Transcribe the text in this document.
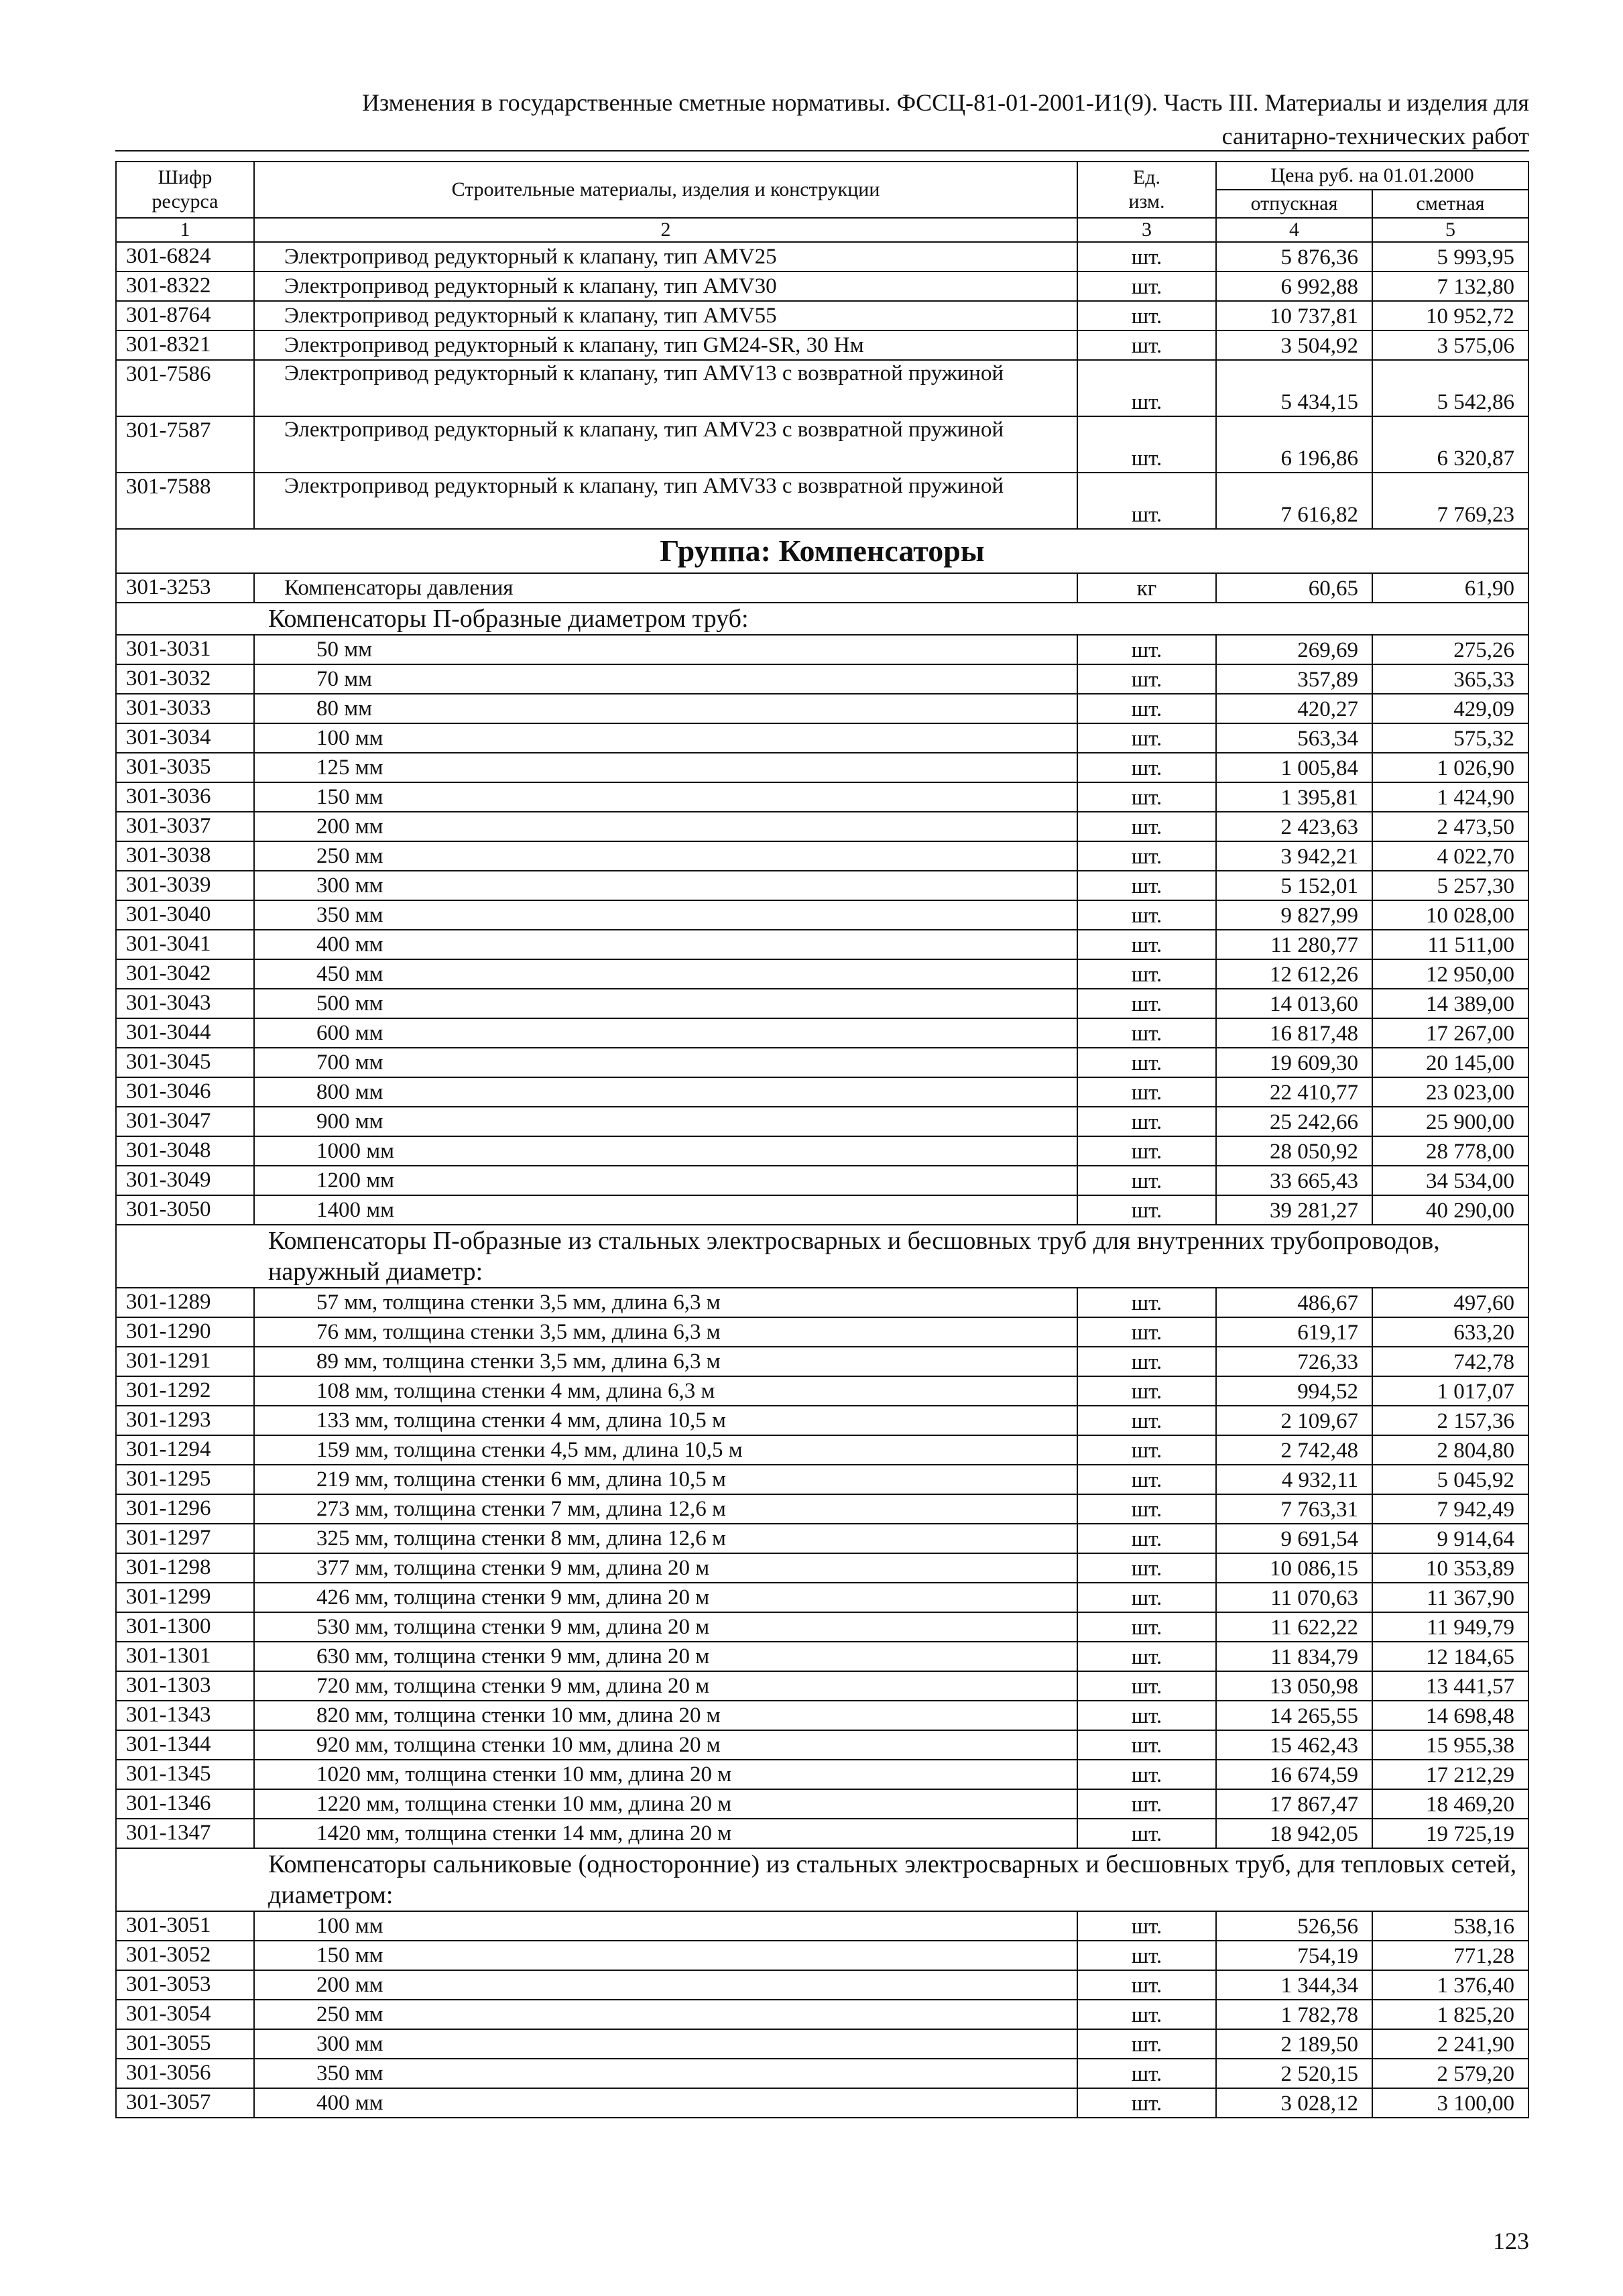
Изменения в государственные сметные нормативы. ФССЦ-81-01-2001-И1(9). Часть III. Материалы и изделия для
санитарно-технических работ
Шифр
ресурса	Строительные материалы, изделия и конструкции	Ед.
изм.	Цена руб. на 01.01.2000	
			отпускная	сметная
1	2	3	4	5
301-6824	Электропривод редукторный к клапану, тип AMV25	шт.	5 876,36	5 993,95
301-8322	Электропривод редукторный к клапану, тип AMV30	шт.	6 992,88	7 132,80
301-8764	Электропривод редукторный к клапану, тип AMV55	шт.	10 737,81	10 952,72
301-8321	Электропривод редукторный к клапану, тип GM24-SR, 30 Нм	шт.	3 504,92	3 575,06
301-7586	Электропривод редукторный к клапану, тип AMV13 с возвратной пружиной	шт.	5 434,15	5 542,86
301-7587	Электропривод редукторный к клапану, тип AMV23 с возвратной пружиной	шт.	6 196,86	6 320,87
301-7588	Электропривод редукторный к клапану, тип AMV33 с возвратной пружиной	шт.	7 616,82	7 769,23
Группа: Компенсаторы				
301-3253	Компенсаторы давления	кг	60,65	61,90
Компенсаторы П-образные диаметром труб:				
301-3031	50 мм	шт.	269,69	275,26
301-3032	70 мм	шт.	357,89	365,33
301-3033	80 мм	шт.	420,27	429,09
301-3034	100 мм	шт.	563,34	575,32
301-3035	125 мм	шт.	1 005,84	1 026,90
301-3036	150 мм	шт.	1 395,81	1 424,90
301-3037	200 мм	шт.	2 423,63	2 473,50
301-3038	250 мм	шт.	3 942,21	4 022,70
301-3039	300 мм	шт.	5 152,01	5 257,30
301-3040	350 мм	шт.	9 827,99	10 028,00
301-3041	400 мм	шт.	11 280,77	11 511,00
301-3042	450 мм	шт.	12 612,26	12 950,00
301-3043	500 мм	шт.	14 013,60	14 389,00
301-3044	600 мм	шт.	16 817,48	17 267,00
301-3045	700 мм	шт.	19 609,30	20 145,00
301-3046	800 мм	шт.	22 410,77	23 023,00
301-3047	900 мм	шт.	25 242,66	25 900,00
301-3048	1000 мм	шт.	28 050,92	28 778,00
301-3049	1200 мм	шт.	33 665,43	34 534,00
301-3050	1400 мм	шт.	39 281,27	40 290,00
Компенсаторы П-образные из стальных электросварных и бесшовных труб для внутренних трубопроводов, наружный диаметр:				
301-1289	57 мм, толщина стенки 3,5 мм, длина 6,3 м	шт.	486,67	497,60
301-1290	76 мм, толщина стенки 3,5 мм, длина 6,3 м	шт.	619,17	633,20
301-1291	89 мм, толщина стенки 3,5 мм, длина 6,3 м	шт.	726,33	742,78
301-1292	108 мм, толщина стенки 4 мм, длина 6,3 м	шт.	994,52	1 017,07
301-1293	133 мм, толщина стенки 4 мм, длина 10,5 м	шт.	2 109,67	2 157,36
301-1294	159 мм, толщина стенки 4,5 мм, длина 10,5 м	шт.	2 742,48	2 804,80
301-1295	219 мм, толщина стенки 6 мм, длина 10,5 м	шт.	4 932,11	5 045,92
301-1296	273 мм, толщина стенки 7 мм, длина 12,6 м	шт.	7 763,31	7 942,49
301-1297	325 мм, толщина стенки 8 мм, длина 12,6 м	шт.	9 691,54	9 914,64
301-1298	377 мм, толщина стенки 9 мм, длина 20 м	шт.	10 086,15	10 353,89
301-1299	426 мм, толщина стенки 9 мм, длина 20 м	шт.	11 070,63	11 367,90
301-1300	530 мм, толщина стенки 9 мм, длина 20 м	шт.	11 622,22	11 949,79
301-1301	630 мм, толщина стенки 9 мм, длина 20 м	шт.	11 834,79	12 184,65
301-1303	720 мм, толщина стенки 9 мм, длина 20 м	шт.	13 050,98	13 441,57
301-1343	820 мм, толщина стенки 10 мм, длина 20 м	шт.	14 265,55	14 698,48
301-1344	920 мм, толщина стенки 10 мм, длина 20 м	шт.	15 462,43	15 955,38
301-1345	1020 мм, толщина стенки 10 мм, длина 20 м	шт.	16 674,59	17 212,29
301-1346	1220 мм, толщина стенки 10 мм, длина 20 м	шт.	17 867,47	18 469,20
301-1347	1420 мм, толщина стенки 14 мм, длина 20 м	шт.	18 942,05	19 725,19
Компенсаторы сальниковые (односторонние) из стальных электросварных и бесшовных труб, для тепловых сетей, диаметром:				
301-3051	100 мм	шт.	526,56	538,16
301-3052	150 мм	шт.	754,19	771,28
301-3053	200 мм	шт.	1 344,34	1 376,40
301-3054	250 мм	шт.	1 782,78	1 825,20
301-3055	300 мм	шт.	2 189,50	2 241,90
301-3056	350 мм	шт.	2 520,15	2 579,20
301-3057	400 мм	шт.	3 028,12	3 100,00
123
